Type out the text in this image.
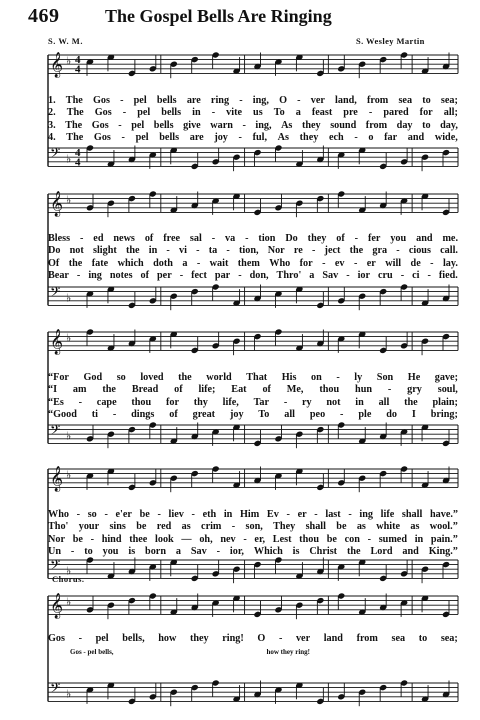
469	The Gospel Bells Are Ringing
S. W. M.	S. Wesley Martin
𝄞 ♭ 4
4
𝄢 ♭ 4
4
𝄞 ♭
𝄢 ♭
𝄞 ♭
𝄢 ♭
𝄞 ♭
𝄢 ♭
𝄞 ♭
𝄢 ♭
1. The Gos - pel bells are ring - ing, O - ver land, from sea to sea;
2. The Gos - pel bells in - vite us To a feast pre - pared for all;
3. The Gos - pel bells give warn - ing, As they sound from day to day,
4. The Gos - pel bells are joy - ful, As they ech - o far and wide,
Bless - ed news of free sal - va - tion Do they of - fer you and me.
Do not slight the in - vi - ta - tion, Nor re - ject the gra - cious call.
Of the fate which doth a - wait them Who for - ev - er will de - lay.
Bear - ing notes of per - fect par - don, Thro' a Sav - ior cru - ci - fied.
“For God so loved the world That His on - ly Son He gave;
“I am the Bread of life; Eat of Me, thou hun - gry soul,
“Es - cape thou for thy life, Tar - ry not in all the plain;
“Good ti - dings of great joy To all peo - ple do I bring;
Who - so - e'er be - liev - eth in Him Ev - er - last - ing life shall have.”
Tho' your sins be red as crim - son, They shall be as white as wool.”
Nor be - hind thee look — oh, nev - er, Lest thou be con - sumed in pain.”
Un - to you is born a Sav - ior, Which is Christ the Lord and King.”
Gos - pel bells, how they ring! O - ver land from sea to sea;
Gos - pel bells,	how they ring!
Chorus.
